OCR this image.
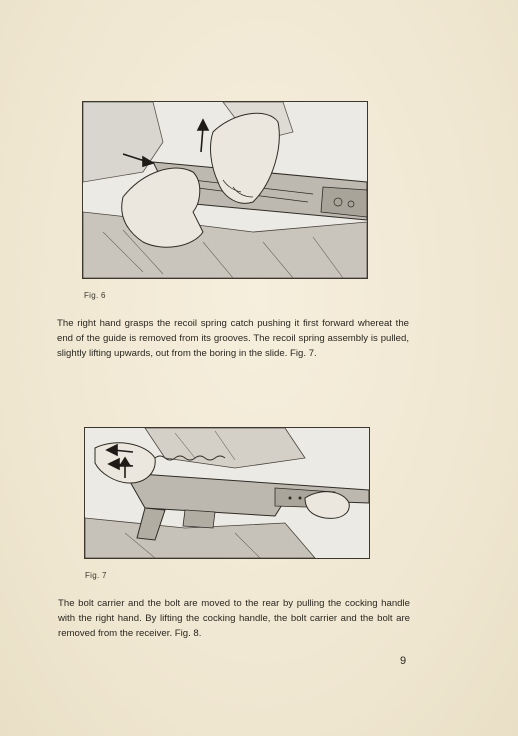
Fig. 6

The right hand grasps the recoil spring catch pushing it first forward whereat the end of the guide is removed from its grooves. The recoil spring assembly is pulled, slightly lifting upwards, out from the boring in the slide. Fig. 7.

Fig. 7

The bolt carrier and the bolt are moved to the rear by pulling the cocking handle with the right hand. By lifting the cocking handle, the bolt carrier and the bolt are removed from the receiver. Fig. 8.

9
